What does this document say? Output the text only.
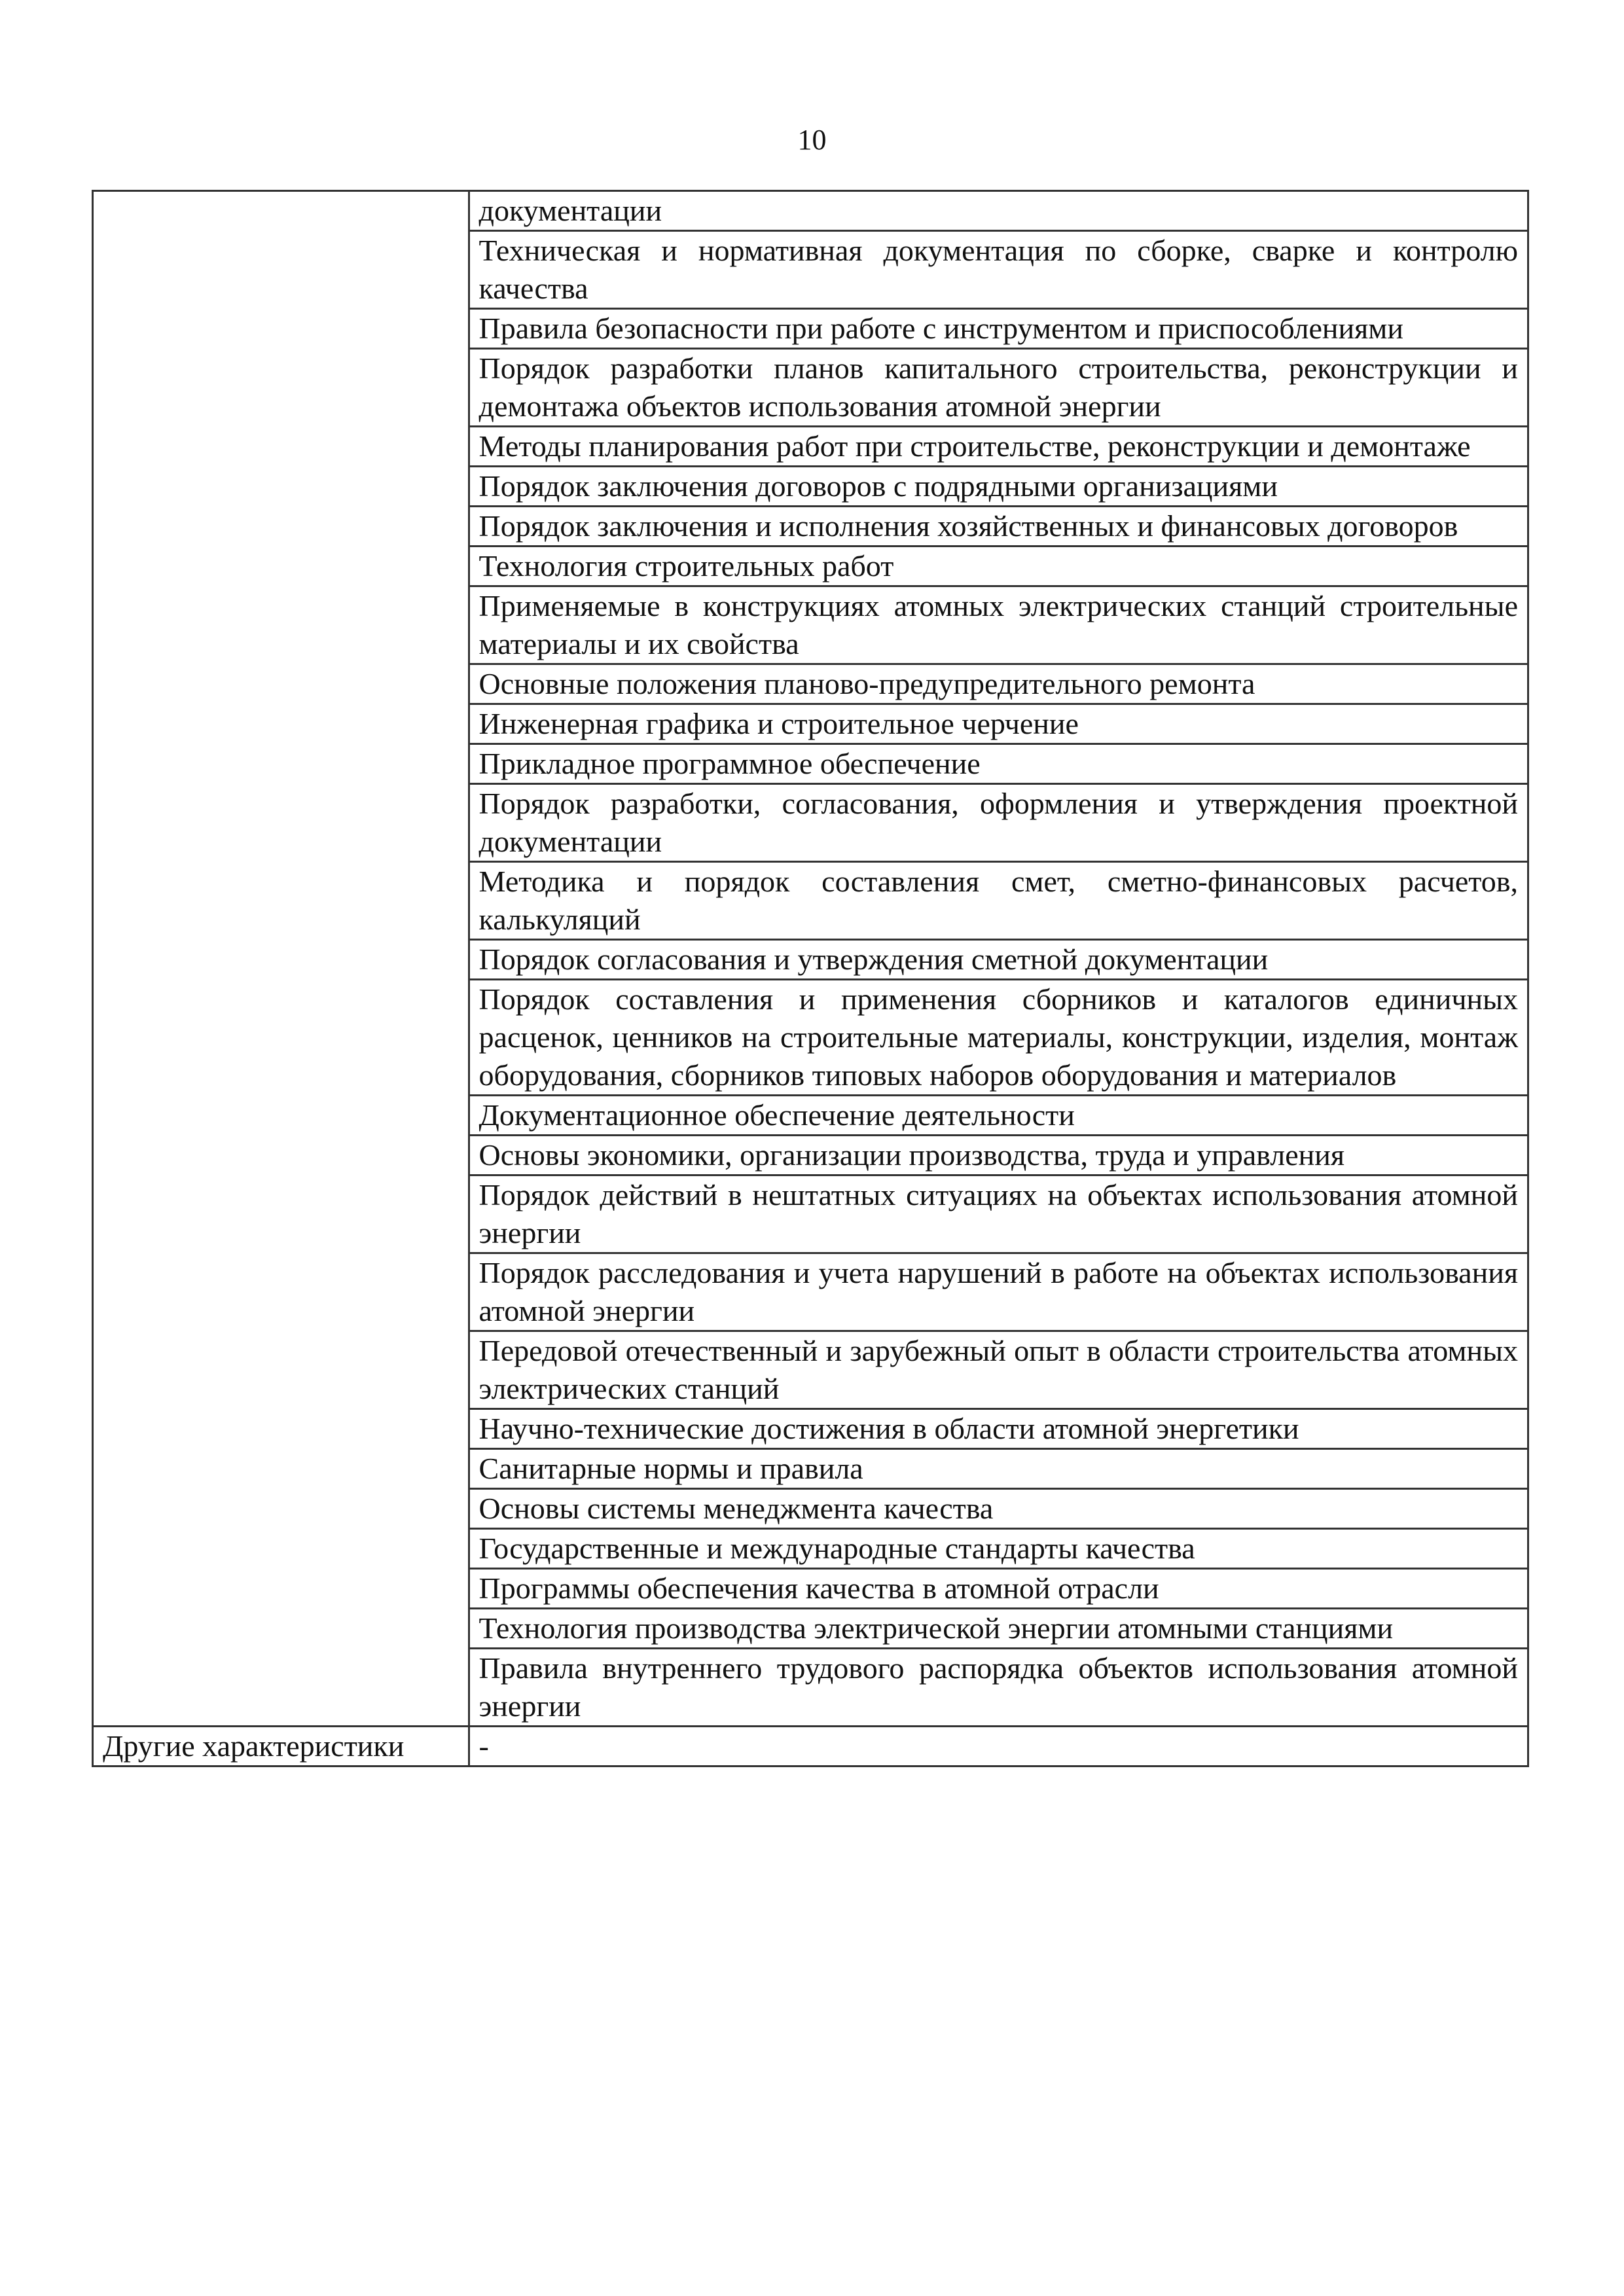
10

	документации

	Техническая и нормативная документация по сборке, сварке и контролю качества

	Правила безопасности при работе с инструментом и приспособлениями

	Порядок разработки планов капитального строительства, реконструкции и демонтажа объектов использования атомной энергии

	Методы планирования работ при строительстве, реконструкции и демонтаже

	Порядок заключения договоров с подрядными организациями

	Порядок заключения и исполнения хозяйственных и финансовых договоров

	Технология строительных работ

	Применяемые в конструкциях атомных электрических станций строительные материалы и их свойства

	Основные положения планово-предупредительного ремонта

	Инженерная графика и строительное черчение

	Прикладное программное обеспечение

	Порядок разработки, согласования, оформления и утверждения проектной документации

	Методика и порядок составления смет, сметно-финансовых расчетов, калькуляций

	Порядок согласования и утверждения сметной документации

	Порядок составления и применения сборников и каталогов единичных расценок, ценников на строительные материалы, конструкции, изделия, монтаж оборудования, сборников типовых наборов оборудования и материалов

	Документационное обеспечение деятельности

	Основы экономики, организации производства, труда и управления

	Порядок действий в нештатных ситуациях на объектах использования атомной энергии

	Порядок расследования и учета нарушений в работе на объектах использования атомной энергии

	Передовой отечественный и зарубежный опыт в области строительства атомных электрических станций

	Научно-технические достижения в области атомной энергетики

	Санитарные нормы и правила

	Основы системы менеджмента качества

	Государственные и международные стандарты качества

	Программы обеспечения качества в атомной отрасли

	Технология производства электрической энергии атомными станциями

	Правила внутреннего трудового распорядка объектов использования атомной энергии

Другие характеристики	-
